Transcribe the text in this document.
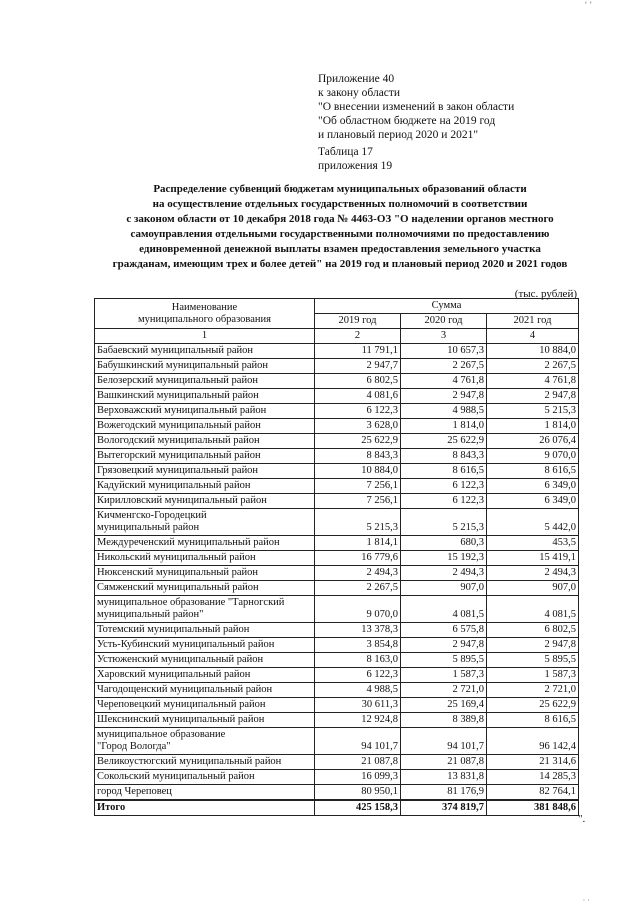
‘ ’
Приложение 40
к закону области
"О внесении изменений в закон области
"Об областном бюджете на 2019 год
и плановый период 2020 и 2021"
Таблица 17
приложения 19
Распределение субвенций бюджетам муниципальных образований области
на осуществление отдельных государственных полномочий в соответствии
с законом области от 10 декабря 2018 года № 4463-ОЗ "О наделении органов местного
самоуправления отдельными государственными полномочиями по предоставлению
единовременной денежной выплаты взамен предоставления земельного участка
гражданам, имеющим трех и более детей" на 2019 год и плановый период 2020 и 2021 годов
(тыс. рублей)
Наименование
муниципального образования	Сумма		
	2019 год	2020 год	2021 год
1	2	3	4

Бабаевский муниципальный район	11 791,1	10 657,3	10 884,0

Бабушкинский муниципальный район	2 947,7	2 267,5	2 267,5

Белозерский муниципальный район	6 802,5	4 761,8	4 761,8

Вашкинский муниципальный район	4 081,6	2 947,8	2 947,8

Верховажский муниципальный район	6 122,3	4 988,5	5 215,3

Вожегодский муниципальный район	3 628,0	1 814,0	1 814,0

Вологодский муниципальный район	25 622,9	25 622,9	26 076,4

Вытегорский муниципальный район	8 843,3	8 843,3	9 070,0

Грязовецкий муниципальный район	10 884,0	8 616,5	8 616,5

Кадуйский муниципальный район	7 256,1	6 122,3	6 349,0

Кирилловский муниципальный район	7 256,1	6 122,3	6 349,0

Кичменгско-Городецкий
муниципальный район	5 215,3	5 215,3	5 442,0

Междуреченский муниципальный район	1 814,1	680,3	453,5

Никольский муниципальный район	16 779,6	15 192,3	15 419,1

Нюксенский муниципальный район	2 494,3	2 494,3	2 494,3

Сямженский муниципальный район	2 267,5	907,0	907,0

муниципальное образование "Тарногский
муниципальный район"	9 070,0	4 081,5	4 081,5

Тотемский муниципальный район	13 378,3	6 575,8	6 802,5

Усть-Кубинский муниципальный район	3 854,8	2 947,8	2 947,8

Устюженский муниципальный район	8 163,0	5 895,5	5 895,5

Харовский муниципальный район	6 122,3	1 587,3	1 587,3

Чагодощенский муниципальный район	4 988,5	2 721,0	2 721,0

Череповецкий муниципальный район	30 611,3	25 169,4	25 622,9

Шекснинский муниципальный район	12 924,8	8 389,8	8 616,5

муниципальное образование
"Город Вологда"	94 101,7	94 101,7	96 142,4

Великоустюгский муниципальный район	21 087,8	21 087,8	21 314,6

Сокольский муниципальный район	16 099,3	13 831,8	14 285,3

город Череповец	80 950,1	81 176,9	82 764,1
Итого	425 158,3	374 819,7	381 848,6
".
· ·
